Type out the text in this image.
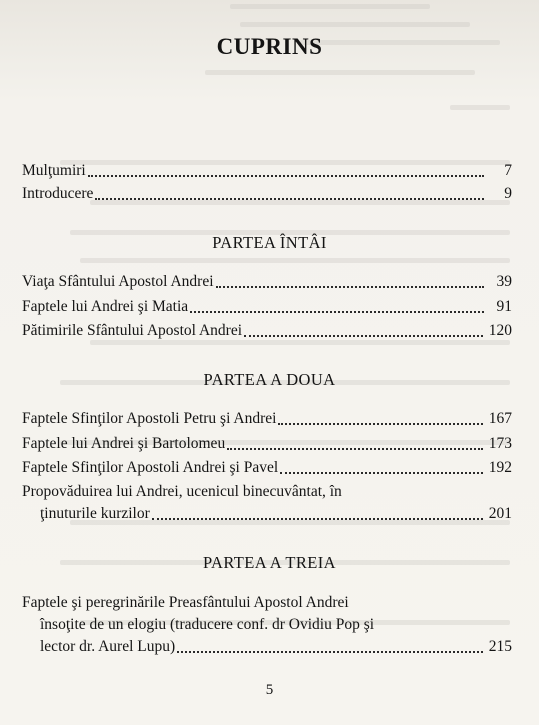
CUPRINS
Mulţumiri	7
Introducere	9
PARTEA ÎNTÂI
Viaţa Sfântului Apostol Andrei	39
Faptele lui Andrei şi Matia	91
Pătimirile Sfântului Apostol Andrei	120
PARTEA A DOUA
Faptele Sfinţilor Apostoli Petru şi Andrei	167
Faptele lui Andrei şi Bartolomeu	173
Faptele Sfinţilor Apostoli Andrei şi Pavel	192
Propovăduirea lui Andrei, ucenicul binecuvântat, în
ţinuturile kurzilor	201
PARTEA A TREIA
Faptele şi peregrinările Preasfântului Apostol Andrei
însoţite de un elogiu (traducere conf. dr Ovidiu Pop şi
lector dr. Aurel Lupu)	215
5
